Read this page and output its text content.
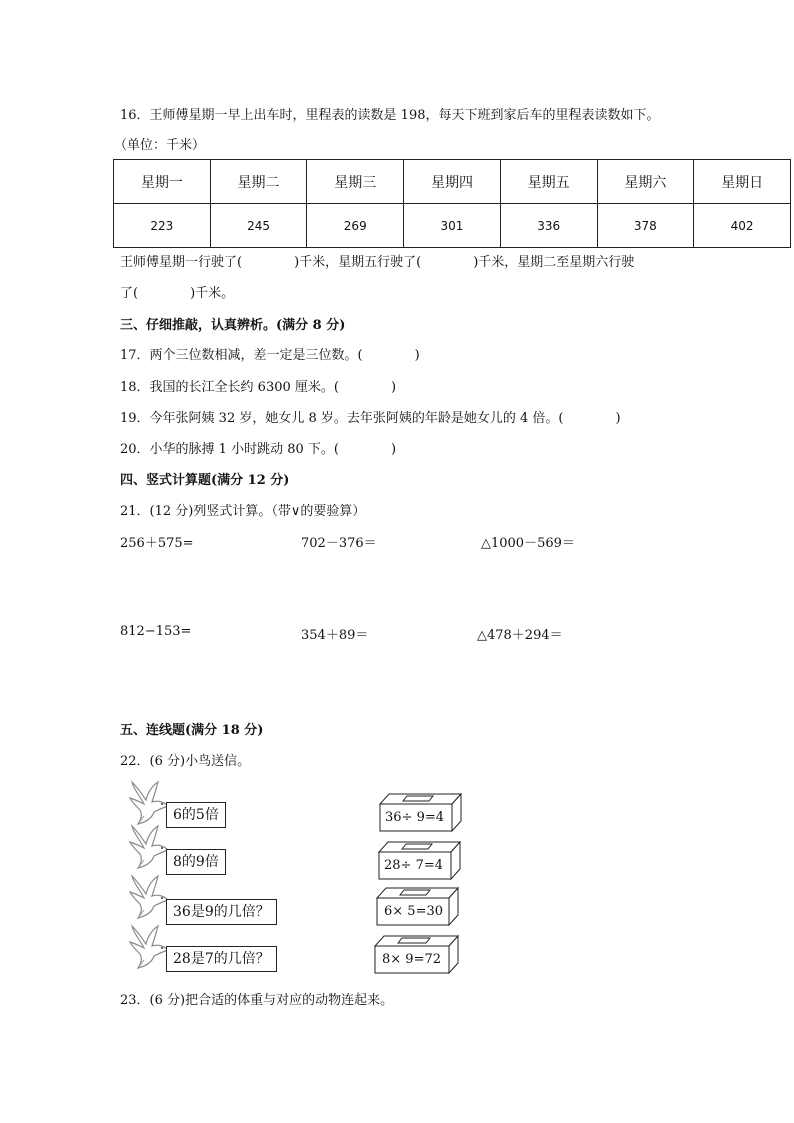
16．王师傅星期一早上出车时，里程表的读数是 198，每天下班到家后车的里程表读数如下。
（单位：千米）
星期一	星期二	星期三	星期四	星期五	星期六	星期日
223	245	269	301	336	378	402
王师傅星期一行驶了(　　　　)千米，星期五行驶了(　　　　)千米，星期二至星期六行驶
了(　　　　)千米。
三、仔细推敲，认真辨析。(满分 8 分)
17．两个三位数相减，差一定是三位数。(　　　　)
18．我国的长江全长约 6300 厘米。(　　　　)
19．今年张阿姨 32 岁，她女儿 8 岁。去年张阿姨的年龄是她女儿的 4 倍。(　　　　)
20．小华的脉搏 1 小时跳动 80 下。(　　　　)
四、竖式计算题(满分 12 分)
21．(12 分)列竖式计算。（带∨的要验算）
256＋575=	702－376＝	△1000－569＝
812−153=	354＋89＝	△478＋294＝
五、连线题(满分 18 分)
22．(6 分)小鸟送信。
6的5倍
8的9倍
36是9的几倍？
28是7的几倍？
36÷ 9=4
28÷ 7=4
6× 5=30
8× 9=72
23．(6 分)把合适的体重与对应的动物连起来。
